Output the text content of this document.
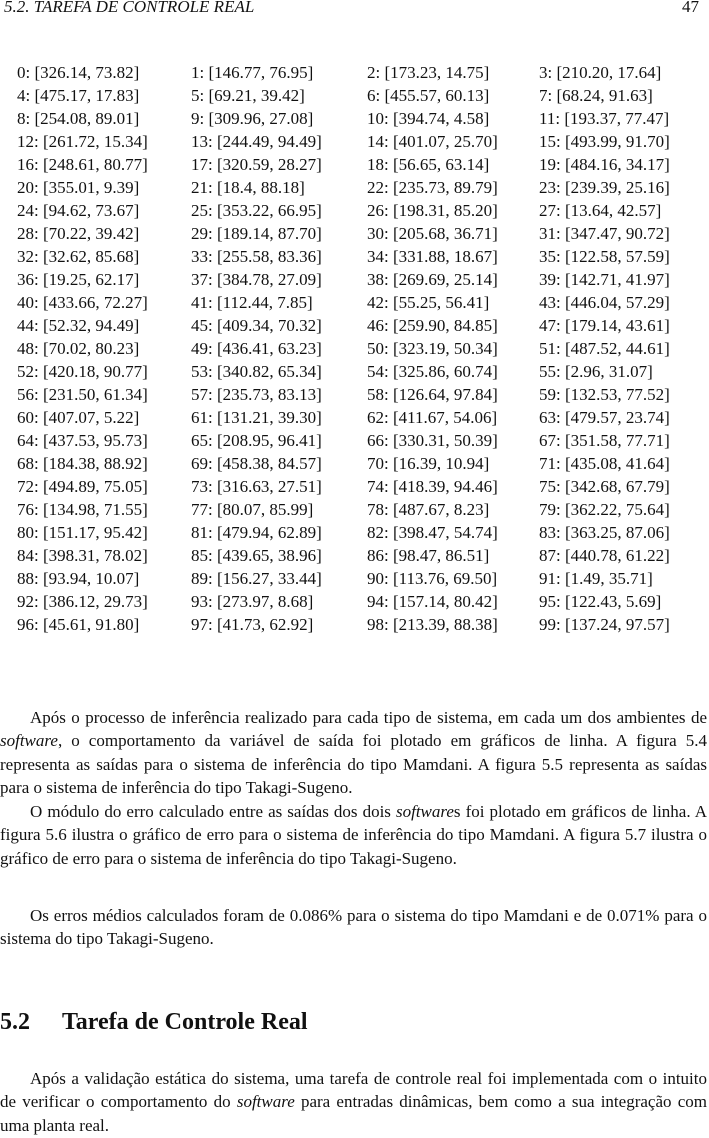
5.2. TAREFA DE CONTROLE REAL	47
0: [326.14, 73.82]	1: [146.77, 76.95]	2: [173.23, 14.75]	3: [210.20, 17.64]
4: [475.17, 17.83]	5: [69.21, 39.42]	6: [455.57, 60.13]	7: [68.24, 91.63]
8: [254.08, 89.01]	9: [309.96, 27.08]	10: [394.74, 4.58]	11: [193.37, 77.47]
12: [261.72, 15.34]	13: [244.49, 94.49]	14: [401.07, 25.70]	15: [493.99, 91.70]
16: [248.61, 80.77]	17: [320.59, 28.27]	18: [56.65, 63.14]	19: [484.16, 34.17]
20: [355.01, 9.39]	21: [18.4, 88.18]	22: [235.73, 89.79]	23: [239.39, 25.16]
24: [94.62, 73.67]	25: [353.22, 66.95]	26: [198.31, 85.20]	27: [13.64, 42.57]
28: [70.22, 39.42]	29: [189.14, 87.70]	30: [205.68, 36.71]	31: [347.47, 90.72]
32: [32.62, 85.68]	33: [255.58, 83.36]	34: [331.88, 18.67]	35: [122.58, 57.59]
36: [19.25, 62.17]	37: [384.78, 27.09]	38: [269.69, 25.14]	39: [142.71, 41.97]
40: [433.66, 72.27]	41: [112.44, 7.85]	42: [55.25, 56.41]	43: [446.04, 57.29]
44: [52.32, 94.49]	45: [409.34, 70.32]	46: [259.90, 84.85]	47: [179.14, 43.61]
48: [70.02, 80.23]	49: [436.41, 63.23]	50: [323.19, 50.34]	51: [487.52, 44.61]
52: [420.18, 90.77]	53: [340.82, 65.34]	54: [325.86, 60.74]	55: [2.96, 31.07]
56: [231.50, 61.34]	57: [235.73, 83.13]	58: [126.64, 97.84]	59: [132.53, 77.52]
60: [407.07, 5.22]	61: [131.21, 39.30]	62: [411.67, 54.06]	63: [479.57, 23.74]
64: [437.53, 95.73]	65: [208.95, 96.41]	66: [330.31, 50.39]	67: [351.58, 77.71]
68: [184.38, 88.92]	69: [458.38, 84.57]	70: [16.39, 10.94]	71: [435.08, 41.64]
72: [494.89, 75.05]	73: [316.63, 27.51]	74: [418.39, 94.46]	75: [342.68, 67.79]
76: [134.98, 71.55]	77: [80.07, 85.99]	78: [487.67, 8.23]	79: [362.22, 75.64]
80: [151.17, 95.42]	81: [479.94, 62.89]	82: [398.47, 54.74]	83: [363.25, 87.06]
84: [398.31, 78.02]	85: [439.65, 38.96]	86: [98.47, 86.51]	87: [440.78, 61.22]
88: [93.94, 10.07]	89: [156.27, 33.44]	90: [113.76, 69.50]	91: [1.49, 35.71]
92: [386.12, 29.73]	93: [273.97, 8.68]	94: [157.14, 80.42]	95: [122.43, 5.69]
96: [45.61, 91.80]	97: [41.73, 62.92]	98: [213.39, 88.38]	99: [137.24, 97.57]

Após o processo de inferência realizado para cada tipo de sistema, em cada um dos ambientes de software, o comportamento da variável de saída foi plotado em gráficos de linha. A figura 5.4 representa as saídas para o sistema de inferência do tipo Mamdani. A figura 5.5 representa as saídas para o sistema de inferência do tipo Takagi-Sugeno.

O módulo do erro calculado entre as saídas dos dois softwares foi plotado em gráficos de linha. A figura 5.6 ilustra o gráfico de erro para o sistema de inferência do tipo Mamdani. A figura 5.7 ilustra o gráfico de erro para o sistema de inferência do tipo Takagi-Sugeno.

Os erros médios calculados foram de 0.086% para o sistema do tipo Mamdani e de 0.071% para o sistema do tipo Takagi-Sugeno.

5.2 Tarefa de Controle Real

Após a validação estática do sistema, uma tarefa de controle real foi implementada com o intuito de verificar o comportamento do software para entradas dinâmicas, bem como a sua integração com uma planta real.
